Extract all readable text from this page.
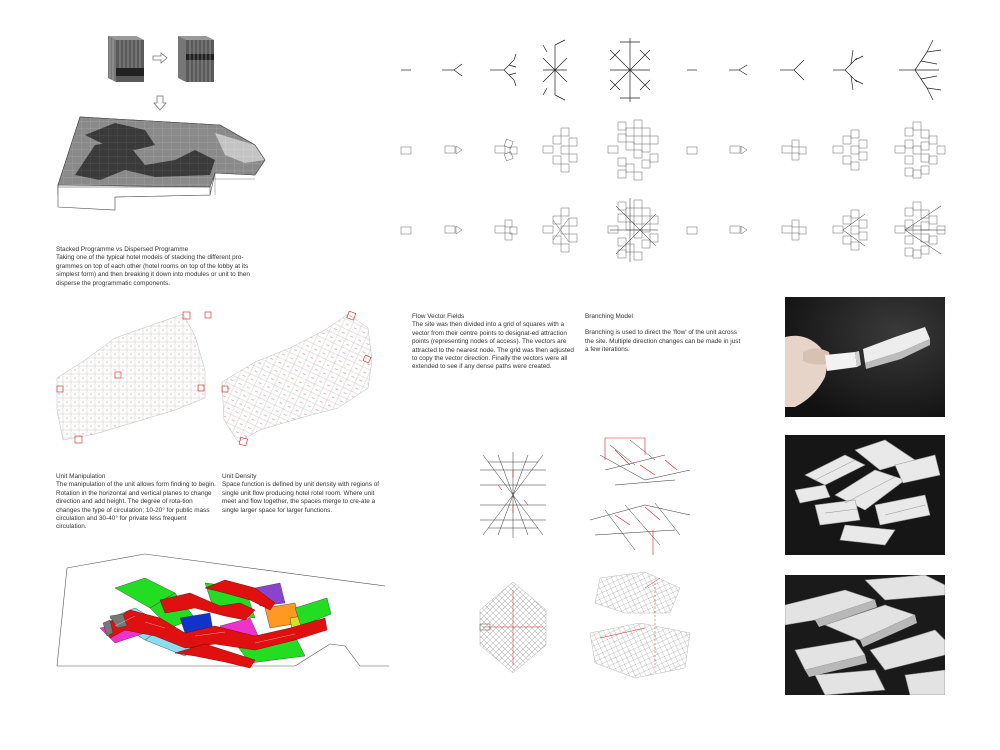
Stacked Programme vs Dispersed Programme

Taking one of the typical hotel models of stacking the different pro-grammes on top of each other (hotel rooms on top of the lobby at its simplest form) and then breaking it down into modules or unit to then disperse the programmatic components.

Unit Manipulation

The manipulation of the unit allows form finding to begin. Rotation in the horizontal and vertical planes to change direction and add height. The degree of rota-tion changes the type of circulation; 10-20° for public mass circulation and 30-40° for private less frequent circulation.

Unit Density

Space function is defined by unit density with regions of single unit flow producing hotel rotel room. Where unit meet and flow together, the spaces merge to cre-ate a single larger space for larger functions.

Flow Vector Fields

The site was then divided into a grid of squares with a vector from their centre points to designat-ed attraction points (representing nodes of access). The vectors are attracted to the nearest node. The grid was then adjusted to copy the vector direction. Finally the vectors were all extended to see if any dense paths were created.

Branching Model

Branching is used to direct the 'flow' of the unit across the site. Multiple direction changes can be made in just a few iterations.
